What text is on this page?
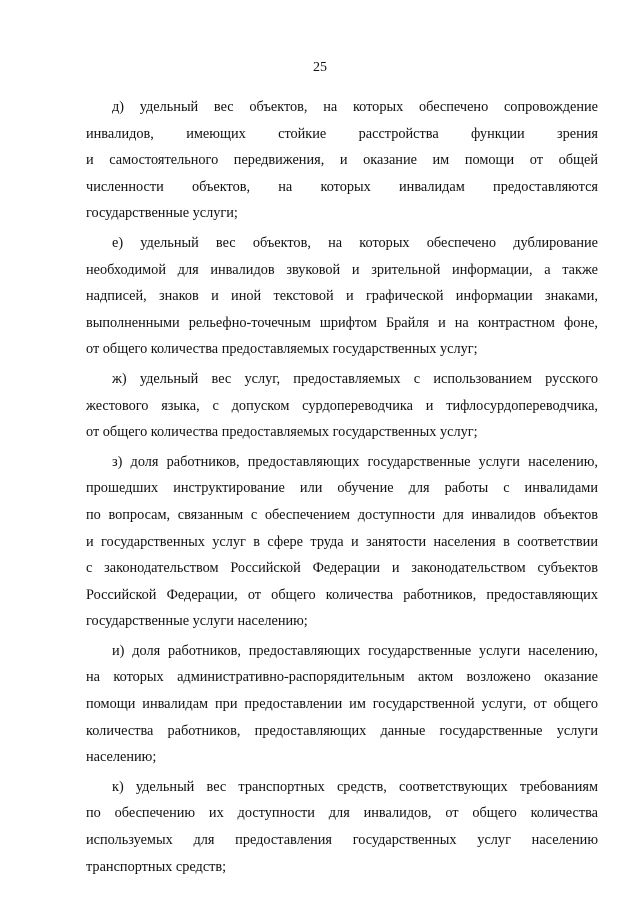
25
д) удельный вес объектов, на которых обеспечено сопровождение
инвалидов, имеющих стойкие расстройства функции зрения
и самостоятельного передвижения, и оказание им помощи от общей
численности объектов, на которых инвалидам предоставляются
государственные услуги;
е) удельный вес объектов, на которых обеспечено дублирование
необходимой для инвалидов звуковой и зрительной информации, а также
надписей, знаков и иной текстовой и графической информации знаками,
выполненными рельефно-точечным шрифтом Брайля и на контрастном фоне,
от общего количества предоставляемых государственных услуг;
ж) удельный вес услуг, предоставляемых с использованием русского
жестового языка, с допуском сурдопереводчика и тифлосурдопереводчика,
от общего количества предоставляемых государственных услуг;
з) доля работников, предоставляющих государственные услуги населению,
прошедших инструктирование или обучение для работы с инвалидами
по вопросам, связанным с обеспечением доступности для инвалидов объектов
и государственных услуг в сфере труда и занятости населения в соответствии
с законодательством Российской Федерации и законодательством субъектов
Российской Федерации, от общего количества работников, предоставляющих
государственные услуги населению;
и) доля работников, предоставляющих государственные услуги населению,
на которых административно-распорядительным актом возложено оказание
помощи инвалидам при предоставлении им государственной услуги, от общего
количества работников, предоставляющих данные государственные услуги
населению;
к) удельный вес транспортных средств, соответствующих требованиям
по обеспечению их доступности для инвалидов, от общего количества
используемых для предоставления государственных услуг населению
транспортных средств;
